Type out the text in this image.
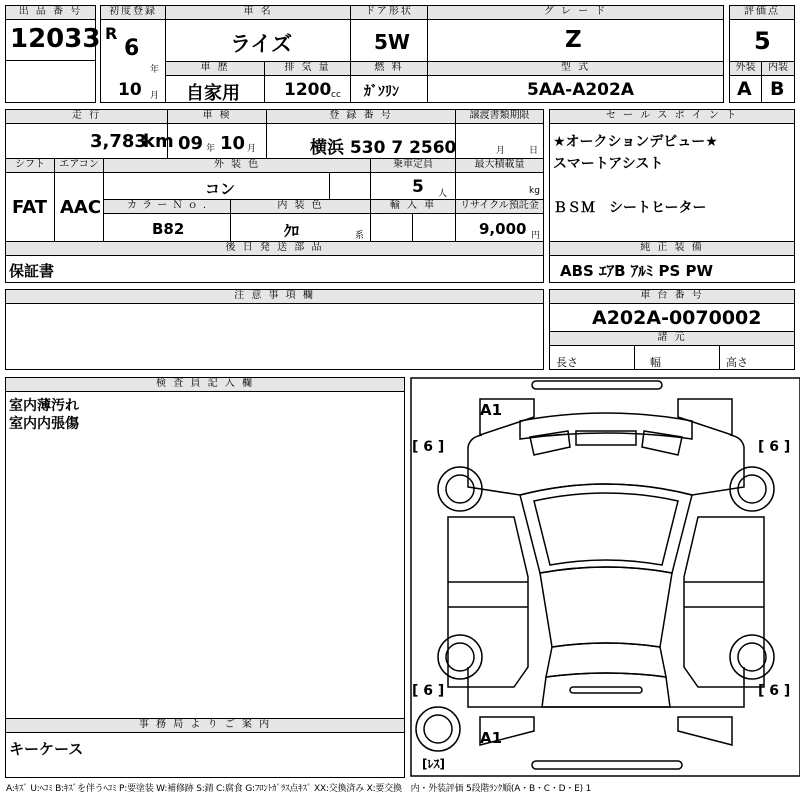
出 品 番 号
12033
初度登録
R
6
年
10 月
車 名
ライズ
ドア形状
5W
グ レ ー ド
Z
評価点
5
車 歴
自家用
排 気 量
1200 cc
燃 料
ｶﾞｿﾘﾝ
型 式
5AA-A202A
外装	内装
A B
走 行
3,783
km
車 検
09 年 10 月
登 録 番 号
横浜 530 7 2560
譲渡書類期限
月	日
シフト
FAT
エアコン
AAC
外 装 色
コン
乗車定員
5 人
最大積載量
kg
カ ラ ー Ｎ ｏ .
B82
内 装 色
ｸﾛ	系
輸 入 車	リサイクル預託金
9,000 円
セ ー ル ス ポ イ ン ト
★オークションデビュー★
スマートアシスト
ＢＳＭ　シートヒーター
後 日 発 送 部 品
保証書
純 正 装 備
ABS ｴｱB ｱﾙﾐ PS PW
注 意 事 項 欄	車 台 番 号
A202A-0070002
諸 元
長さ	幅	高さ
検 査 員 記 入 欄
室内薄汚れ
室内内張傷
事 務 局 よ り ご 案 内
キーケース
A1
A1
[ 6 ]	[ 6 ]
[ 6 ]	[ 6 ]
[ﾚｽ]
A:ｷｽﾞ U:ﾍｺﾐ B:ｷｽﾞを伴うﾍｺﾐ P:要塗装 W:補修跡 S:錆 C:腐食 G:ﾌﾛﾝﾄｶﾞﾗｽ点ｷｽﾞ XX:交換済み X:要交換　内・外装評価 5段階ﾗﾝｸ順(A・B・C・D・E) 1
